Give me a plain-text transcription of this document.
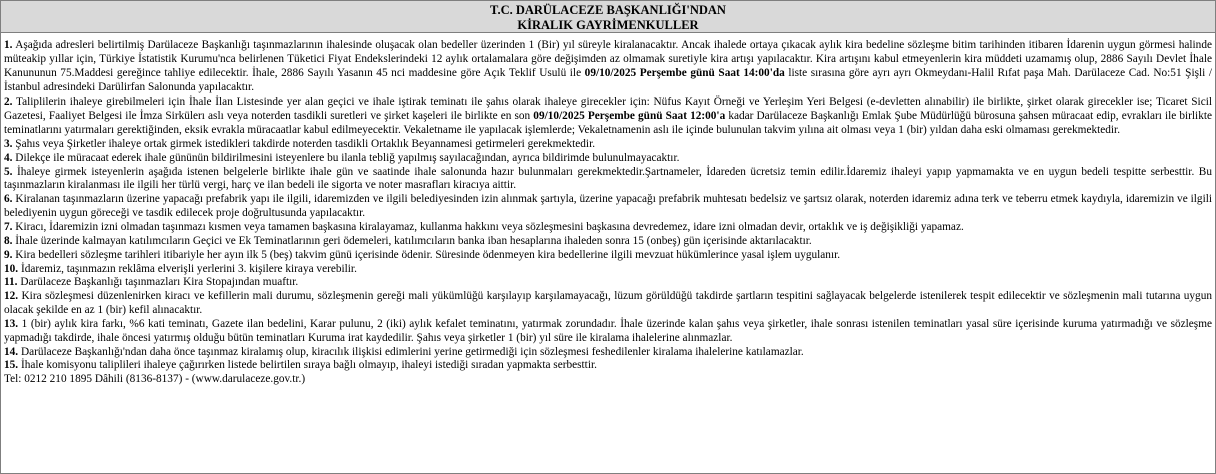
T.C. DARÜLACEZE BAŞKANLIĞI'NDAN
KİRALIK GAYRİMENKULLER

1. Aşağıda adresleri belirtilmiş Darülaceze Başkanlığı taşınmazlarının ihalesinde oluşacak olan bedeller üzerinden 1 (Bir) yıl süreyle kiralanacaktır. Ancak ihalede ortaya çıkacak aylık kira bedeline sözleşme bitim tarihinden itibaren İdarenin uygun görmesi halinde müteakip yıllar için, Türkiye İstatistik Kurumu'nca belirlenen Tüketici Fiyat Endekslerindeki 12 aylık ortalamalara göre değişimden az olmamak suretiyle kira artışı yapılacaktır. Kira artışını kabul etmeyenlerin kira müddeti uzamamış olup, 2886 Sayılı Devlet İhale Kanununun 75.Maddesi gereğince tahliye edilecektir. İhale, 2886 Sayılı Yasanın 45 nci maddesine göre Açık Teklif Usulü ile 09/10/2025 Perşembe günü Saat 14:00'da liste sırasına göre ayrı ayrı Okmeydanı-Halil Rıfat paşa Mah. Darülaceze Cad. No:51 Şişli /İstanbul adresindeki Darülirfan Salonunda yapılacaktır.

2. Taliplilerin ihaleye girebilmeleri için İhale İlan Listesinde yer alan geçici ve ihale iştirak teminatı ile şahıs olarak ihaleye girecekler için: Nüfus Kayıt Örneği ve Yerleşim Yeri Belgesi (e-devletten alınabilir) ile birlikte, şirket olarak girecekler ise; Ticaret Sicil Gazetesi, Faaliyet Belgesi ile İmza Sirkülerı aslı veya noterden tasdikli suretleri ve şirket kaşeleri ile birlikte en son 09/10/2025 Perşembe günü Saat 12:00'a kadar Darülaceze Başkanlığı Emlak Şube Müdürlüğü bürosuna şahsen müracaat edip, evrakları ile birlikte teminatlarını yatırmaları gerektiğinden, eksik evrakla müracaatlar kabul edilmeyecektir. Vekaletname ile yapılacak işlemlerde; Vekaletnamenin aslı ile içinde bulunulan takvim yılına ait olması veya 1 (bir) yıldan daha eski olmaması gerekmektedir.

3. Şahıs veya Şirketler ihaleye ortak girmek istedikleri takdirde noterden tasdikli Ortaklık Beyannamesi getirmeleri gerekmektedir.

4. Dilekçe ile müracaat ederek ihale gününün bildirilmesini isteyenlere bu ilanla tebliğ yapılmış sayılacağından, ayrıca bildirimde bulunulmayacaktır.

5. İhaleye girmek isteyenlerin aşağıda istenen belgelerle birlikte ihale gün ve saatinde ihale salonunda hazır bulunmaları gerekmektedir.Şartnameler, İdareden ücretsiz temin edilir.İdaremiz ihaleyi yapıp yapmamakta ve en uygun bedeli tespitte serbesttir. Bu taşınmazların kiralanması ile ilgili her türlü vergi, harç ve ilan bedeli ile sigorta ve noter masrafları kiracıya aittir.

6. Kiralanan taşınmazların üzerine yapacağı prefabrik yapı ile ilgili, idaremizden ve ilgili belediyesinden izin alınmak şartıyla, üzerine yapacağı prefabrik muhtesatı bedelsiz ve şartsız olarak, noterden idaremiz adına terk ve teberru etmek kaydıyla, idaremizin ve ilgili belediyenin uygun göreceği ve tasdik edilecek proje doğrultusunda yapılacaktır.

7. Kiracı, İdaremizin izni olmadan taşınmazı kısmen veya tamamen başkasına kiralayamaz, kullanma hakkını veya sözleşmesini başkasına devredemez, idare izni olmadan devir, ortaklık ve iş değişikliği yapamaz.

8. İhale üzerinde kalmayan katılımcıların Geçici ve Ek Teminatlarının geri ödemeleri, katılımcıların banka iban hesaplarına ihaleden sonra 15 (onbeş) gün içerisinde aktarılacaktır.

9. Kira bedelleri sözleşme tarihleri itibariyle her ayın ilk 5 (beş) takvim günü içerisinde ödenir. Süresinde ödenmeyen kira bedellerine ilgili mevzuat hükümlerince yasal işlem uygulanır.

10. İdaremiz, taşınmazın reklâma elverişli yerlerini 3. kişilere kiraya verebilir.

11. Darülaceze Başkanlığı taşınmazları Kira Stopajından muaftır.

12. Kira sözleşmesi düzenlenirken kiracı ve kefillerin mali durumu, sözleşmenin gereği mali yükümlüğü karşılayıp karşılamayacağı, lüzum görüldüğü takdirde şartların tespitini sağlayacak belgelerde istenilerek tespit edilecektir ve sözleşmenin mali tutarına uygun olacak şekilde en az 1 (bir) kefil alınacaktır.

13. 1 (bir) aylık kira farkı, %6 kati teminatı, Gazete ilan bedelini, Karar pulunu, 2 (iki) aylık kefalet teminatını, yatırmak zorundadır. İhale üzerinde kalan şahıs veya şirketler, ihale sonrası istenilen teminatları yasal süre içerisinde kuruma yatırmadığı ve sözleşme yapmadığı takdirde, ihale öncesi yatırmış olduğu bütün teminatları Kuruma irat kaydedilir. Şahıs veya şirketler 1 (bir) yıl süre ile kiralama ihalelerine alınmazlar.

14. Darülaceze Başkanlığı'ndan daha önce taşınmaz kiralamış olup, kiracılık ilişkisi edimlerini yerine getirmediği için sözleşmesi feshedilenler kiralama ihalelerine katılamazlar.

15. İhale komisyonu taliplileri ihaleye çağırırken listede belirtilen sıraya bağlı olmayıp, ihaleyi istediği sıradan yapmakta serbesttir.

Tel: 0212 210 1895 Dâhili (8136-8137) - (www.darulaceze.gov.tr.)
